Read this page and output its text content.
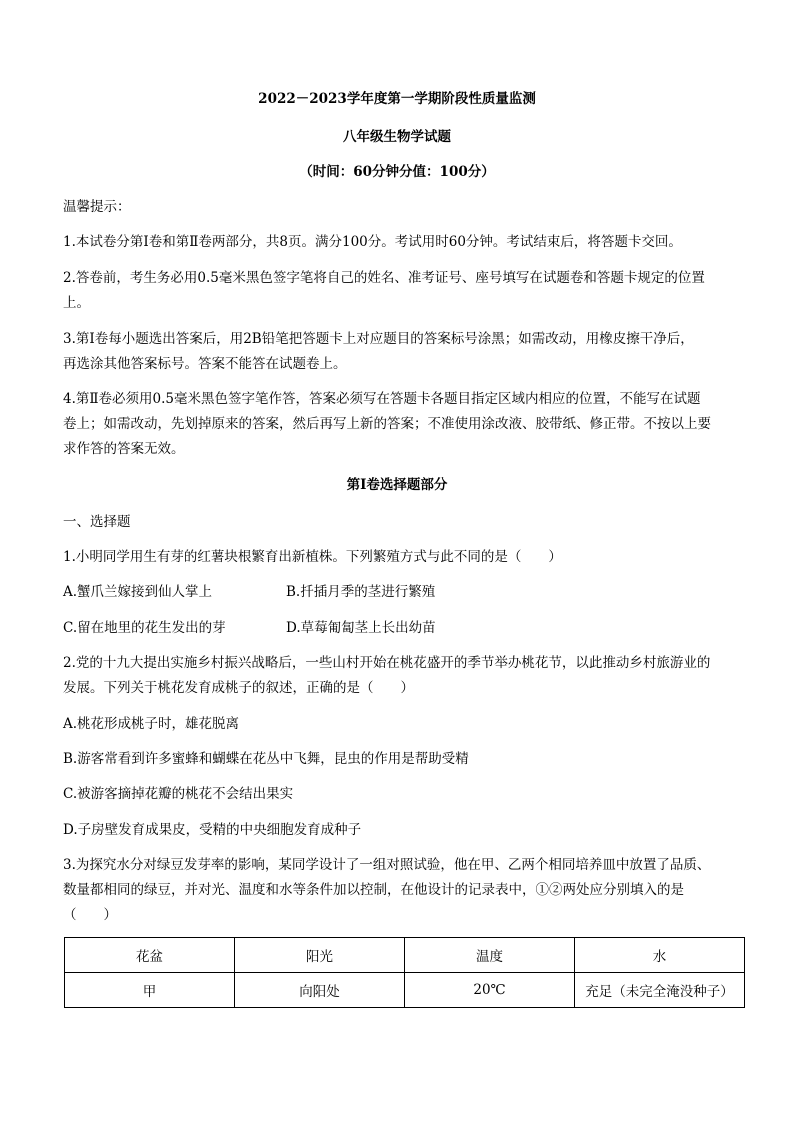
2022－2023学年度第一学期阶段性质量监测
八年级生物学试题
（时间：60分钟分值：100分）
温馨提示：
1.本试卷分第Ⅰ卷和第Ⅱ卷两部分，共8页。满分100分。考试用时60分钟。考试结束后，将答题卡交回。
2.答卷前，考生务必用0.5毫米黑色签字笔将自己的姓名、准考证号、座号填写在试题卷和答题卡规定的位置
上。
3.第Ⅰ卷每小题选出答案后，用2B铅笔把答题卡上对应题目的答案标号涂黑；如需改动，用橡皮擦干净后，
再选涂其他答案标号。答案不能答在试题卷上。
4.第Ⅱ卷必须用0.5毫米黑色签字笔作答，答案必须写在答题卡各题目指定区域内相应的位置，不能写在试题
卷上；如需改动，先划掉原来的答案，然后再写上新的答案；不准使用涂改液、胶带纸、修正带。不按以上要
求作答的答案无效。
第Ⅰ卷选择题部分
一、选择题
1.小明同学用生有芽的红薯块根繁育出新植株。下列繁殖方式与此不同的是（　　）
A.蟹爪兰嫁接到仙人掌上	B.扦插月季的茎进行繁殖
C.留在地里的花生发出的芽	D.草莓匍匐茎上长出幼苗
2.党的十九大提出实施乡村振兴战略后，一些山村开始在桃花盛开的季节举办桃花节，以此推动乡村旅游业的
发展。下列关于桃花发育成桃子的叙述，正确的是（　　）
A.桃花形成桃子时，雄花脱离
B.游客常看到许多蜜蜂和蝴蝶在花丛中飞舞，昆虫的作用是帮助受精
C.被游客摘掉花瓣的桃花不会结出果实
D.子房壁发育成果皮，受精的中央细胞发育成种子
3.为探究水分对绿豆发芽率的影响，某同学设计了一组对照试验，他在甲、乙两个相同培养皿中放置了品质、
数量都相同的绿豆，并对光、温度和水等条件加以控制，在他设计的记录表中，①②两处应分别填入的是
（　　）
花盆	阳光	温度	水
甲	向阳处	20℃	充足（未完全淹没种子）
